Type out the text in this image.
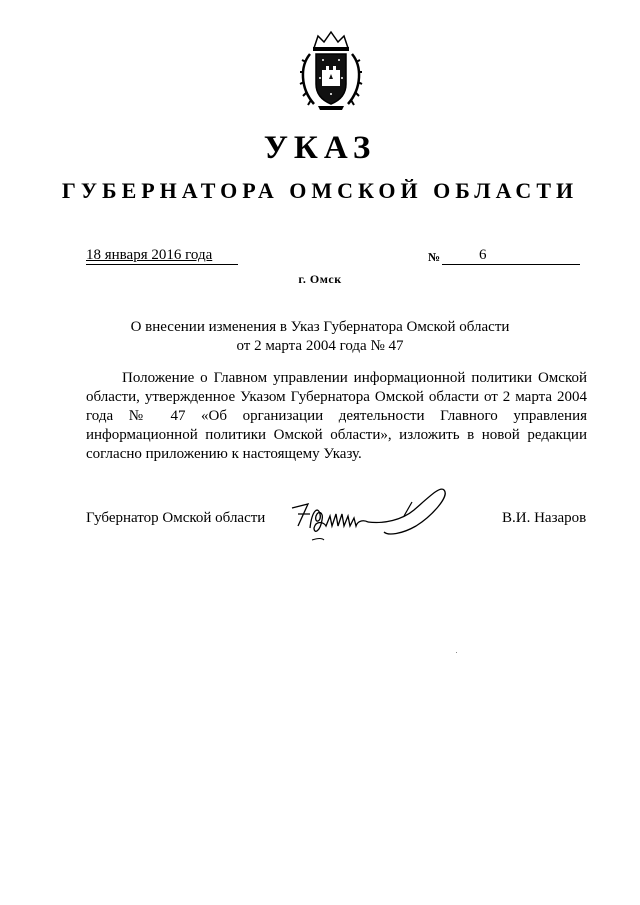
УКАЗ
ГУБЕРНАТОРА ОМСКОЙ ОБЛАСТИ
18 января 2016 года	№	6
г. Омск
О внесении изменения в Указ Губернатора Омской области
от 2 марта 2004 года № 47
Положение о Главном управлении информационной политики Омской области, утвержденное Указом Губернатора Омской области от 2 марта 2004 года № 47 «Об организации деятельности Главного управления информационной политики Омской области», изложить в новой редакции согласно приложению к настоящему Указу.
Губернатор Омской области	В.И. Назаров
